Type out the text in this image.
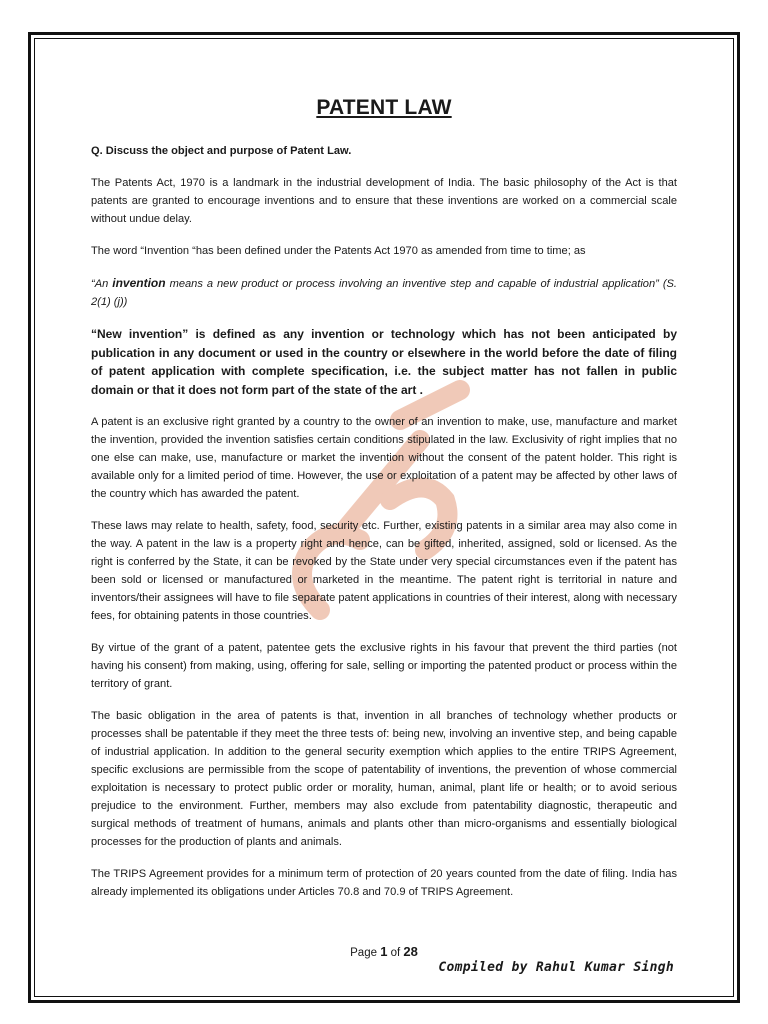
PATENT LAW

Q. Discuss the object and purpose of Patent Law.

The Patents Act, 1970 is a landmark in the industrial development of India. The basic philosophy of the Act is that patents are granted to encourage inventions and to ensure that these inventions are worked on a commercial scale without undue delay.

The word “Invention “has been defined under the Patents Act 1970 as amended from time to time; as

“An invention means a new product or process involving an inventive step and capable of industrial application” (S. 2(1) (j))

“New invention” is defined as any invention or technology which has not been anticipated by publication in any document or used in the country or elsewhere in the world before the date of filing of patent application with complete specification, i.e. the subject matter has not fallen in public domain or that it does not form part of the state of the art .

A patent is an exclusive right granted by a country to the owner of an invention to make, use, manufacture and market the invention, provided the invention satisfies certain conditions stipulated in the law. Exclusivity of right implies that no one else can make, use, manufacture or market the invention without the consent of the patent holder. This right is available only for a limited period of time. However, the use or exploitation of a patent may be affected by other laws of the country which has awarded the patent.

These laws may relate to health, safety, food, security etc. Further, existing patents in a similar area may also come in the way. A patent in the law is a property right and hence, can be gifted, inherited, assigned, sold or licensed. As the right is conferred by the State, it can be revoked by the State under very special circumstances even if the patent has been sold or licensed or manufactured or marketed in the meantime. The patent right is territorial in nature and inventors/their assignees will have to file separate patent applications in countries of their interest, along with necessary fees, for obtaining patents in those countries.

By virtue of the grant of a patent, patentee gets the exclusive rights in his favour that prevent the third parties (not having his consent) from making, using, offering for sale, selling or importing the patented product or process within the territory of grant.

The basic obligation in the area of patents is that, invention in all branches of technology whether products or processes shall be patentable if they meet the three tests of: being new, involving an inventive step, and being capable of industrial application. In addition to the general security exemption which applies to the entire TRIPS Agreement, specific exclusions are permissible from the scope of patentability of inventions, the prevention of whose commercial exploitation is necessary to protect public order or morality, human, animal, plant life or health; or to avoid serious prejudice to the environment. Further, members may also exclude from patentability diagnostic, therapeutic and surgical methods of treatment of humans, animals and plants other than micro-organisms and essentially biological processes for the production of plants and animals.

The TRIPS Agreement provides for a minimum term of protection of 20 years counted from the date of filing. India has already implemented its obligations under Articles 70.8 and 70.9 of TRIPS Agreement.

Page 1 of 28
Compiled by Rahul Kumar Singh
